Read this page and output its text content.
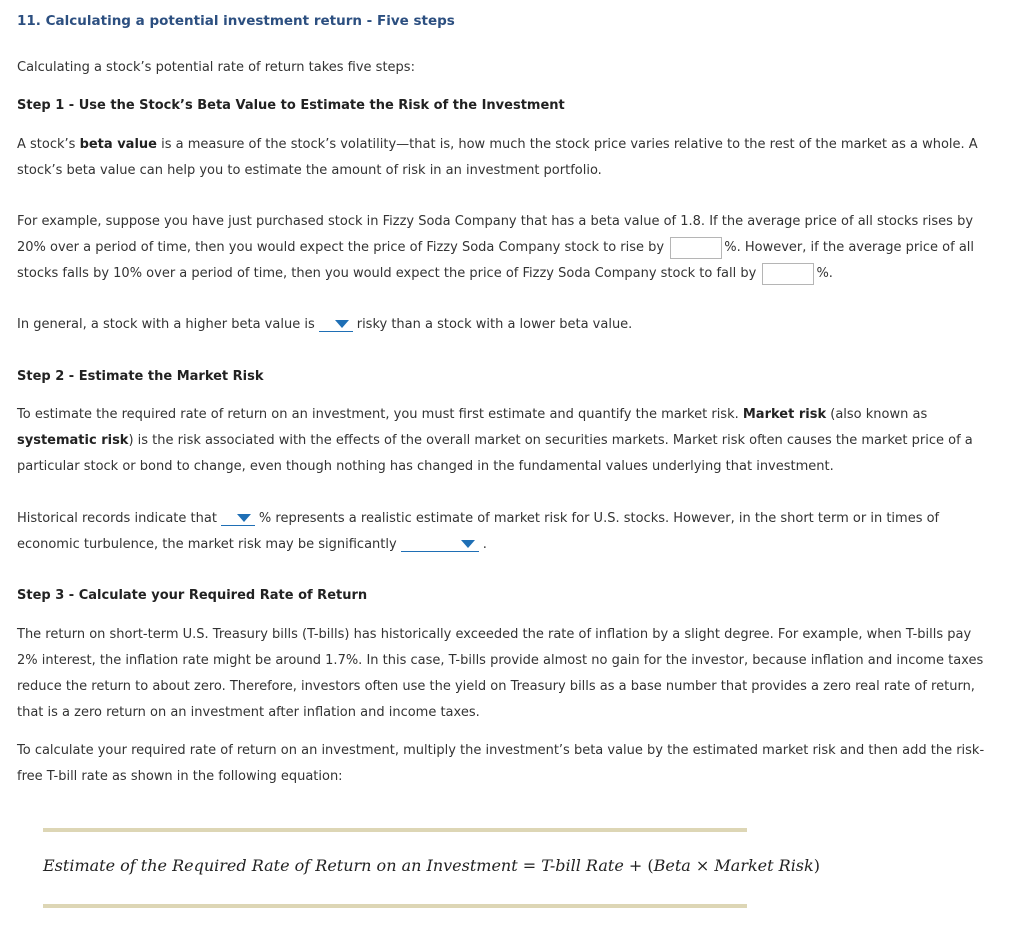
11. Calculating a potential investment return - Five steps

Calculating a stock’s potential rate of return takes five steps:

Step 1 - Use the Stock’s Beta Value to Estimate the Risk of the Investment

A stock’s beta value is a measure of the stock’s volatility—that is, how much the stock price varies relative to the rest of the market as a whole. A stock’s beta value can help you to estimate the amount of risk in an investment portfolio.

For example, suppose you have just purchased stock in Fizzy Soda Company that has a beta value of 1.8. If the average price of all stocks rises by 20% over a period of time, then you would expect the price of Fizzy Soda Company stock to rise by	%. However, if the average price of all stocks falls by 10% over a period of time, then you would expect the price of Fizzy Soda Company stock to fall by	%.

In general, a stock with a higher beta value is	risky than a stock with a lower beta value.

Step 2 - Estimate the Market Risk

To estimate the required rate of return on an investment, you must first estimate and quantify the market risk. Market risk (also known as systematic risk) is the risk associated with the effects of the overall market on securities markets. Market risk often causes the market price of a particular stock or bond to change, even though nothing has changed in the fundamental values underlying that investment.

Historical records indicate that	% represents a realistic estimate of market risk for U.S. stocks. However, in the short term or in times of economic turbulence, the market risk may be significantly	.

Step 3 - Calculate your Required Rate of Return

The return on short-term U.S. Treasury bills (T-bills) has historically exceeded the rate of inflation by a slight degree. For example, when T-bills pay 2% interest, the inflation rate might be around 1.7%. In this case, T-bills provide almost no gain for the investor, because inflation and income taxes reduce the return to about zero. Therefore, investors often use the yield on Treasury bills as a base number that provides a zero real rate of return, that is a zero return on an investment after inflation and income taxes.

To calculate your required rate of return on an investment, multiply the investment’s beta value by the estimated market risk and then add the risk-free T-bill rate as shown in the following equation:

Estimate of the Required Rate of Return on an Investment = T-bill Rate + (Beta × Market Risk)
